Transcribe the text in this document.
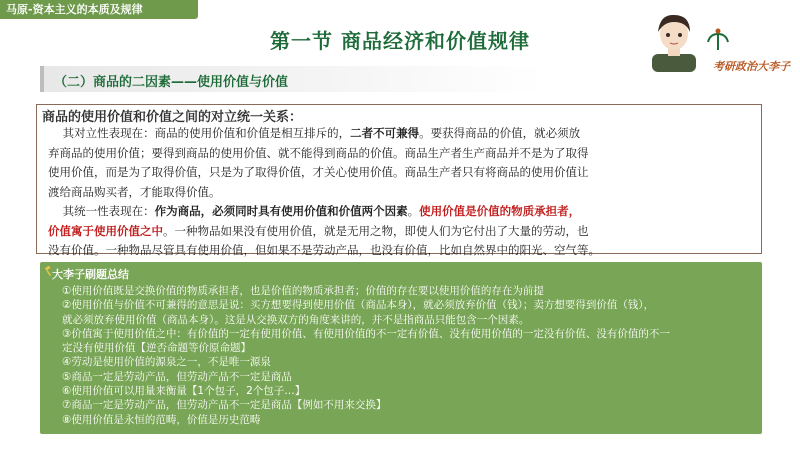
马原-资本主义的本质及规律
第一节 商品经济和价值规律
考研政治大李子
（二）商品的二因素——使用价值与价值
商品的使用价值和价值之间的对立统一关系：
其对立性表现在：商品的使用价值和价值是相互排斥的，二者不可兼得。要获得商品的价值，就必须放
弃商品的使用价值；要得到商品的使用价值、就不能得到商品的价值。商品生产者生产商品并不是为了取得
使用价值，而是为了取得价值，只是为了取得价值，才关心使用价值。商品生产者只有将商品的使用价值让
渡给商品购买者，才能取得价值。
其统一性表现在：作为商品，必须同时具有使用价值和价值两个因素。使用价值是价值的物质承担者，
价值寓于使用价值之中。一种物品如果没有使用价值，就是无用之物，即使人们为它付出了大量的劳动，也
没有价值。一种物品尽管具有使用价值，但如果不是劳动产品，也没有价值，比如自然界中的阳光、空气等。
大李子刷题总结
①使用价值既是交换价值的物质承担者，也是价值的物质承担者；价值的存在要以使用价值的存在为前提
②使用价值与价值不可兼得的意思是说：买方想要得到使用价值（商品本身），就必须放弃价值（钱）；卖方想要得到价值（钱），
就必须放弃使用价值（商品本身）。这是从交换双方的角度来讲的，并不是指商品只能包含一个因素。
③价值寓于使用价值之中：有价值的一定有使用价值、有使用价值的不一定有价值、没有使用价值的一定没有价值、没有价值的不一
定没有使用价值【逆否命题等价原命题】
④劳动是使用价值的源泉之一，不是唯一源泉
⑤商品一定是劳动产品，但劳动产品不一定是商品
⑥使用价值可以用量来衡量【1个包子，2个包子…】
⑦商品一定是劳动产品，但劳动产品不一定是商品【例如不用来交换】
⑧使用价值是永恒的范畴，价值是历史范畴
